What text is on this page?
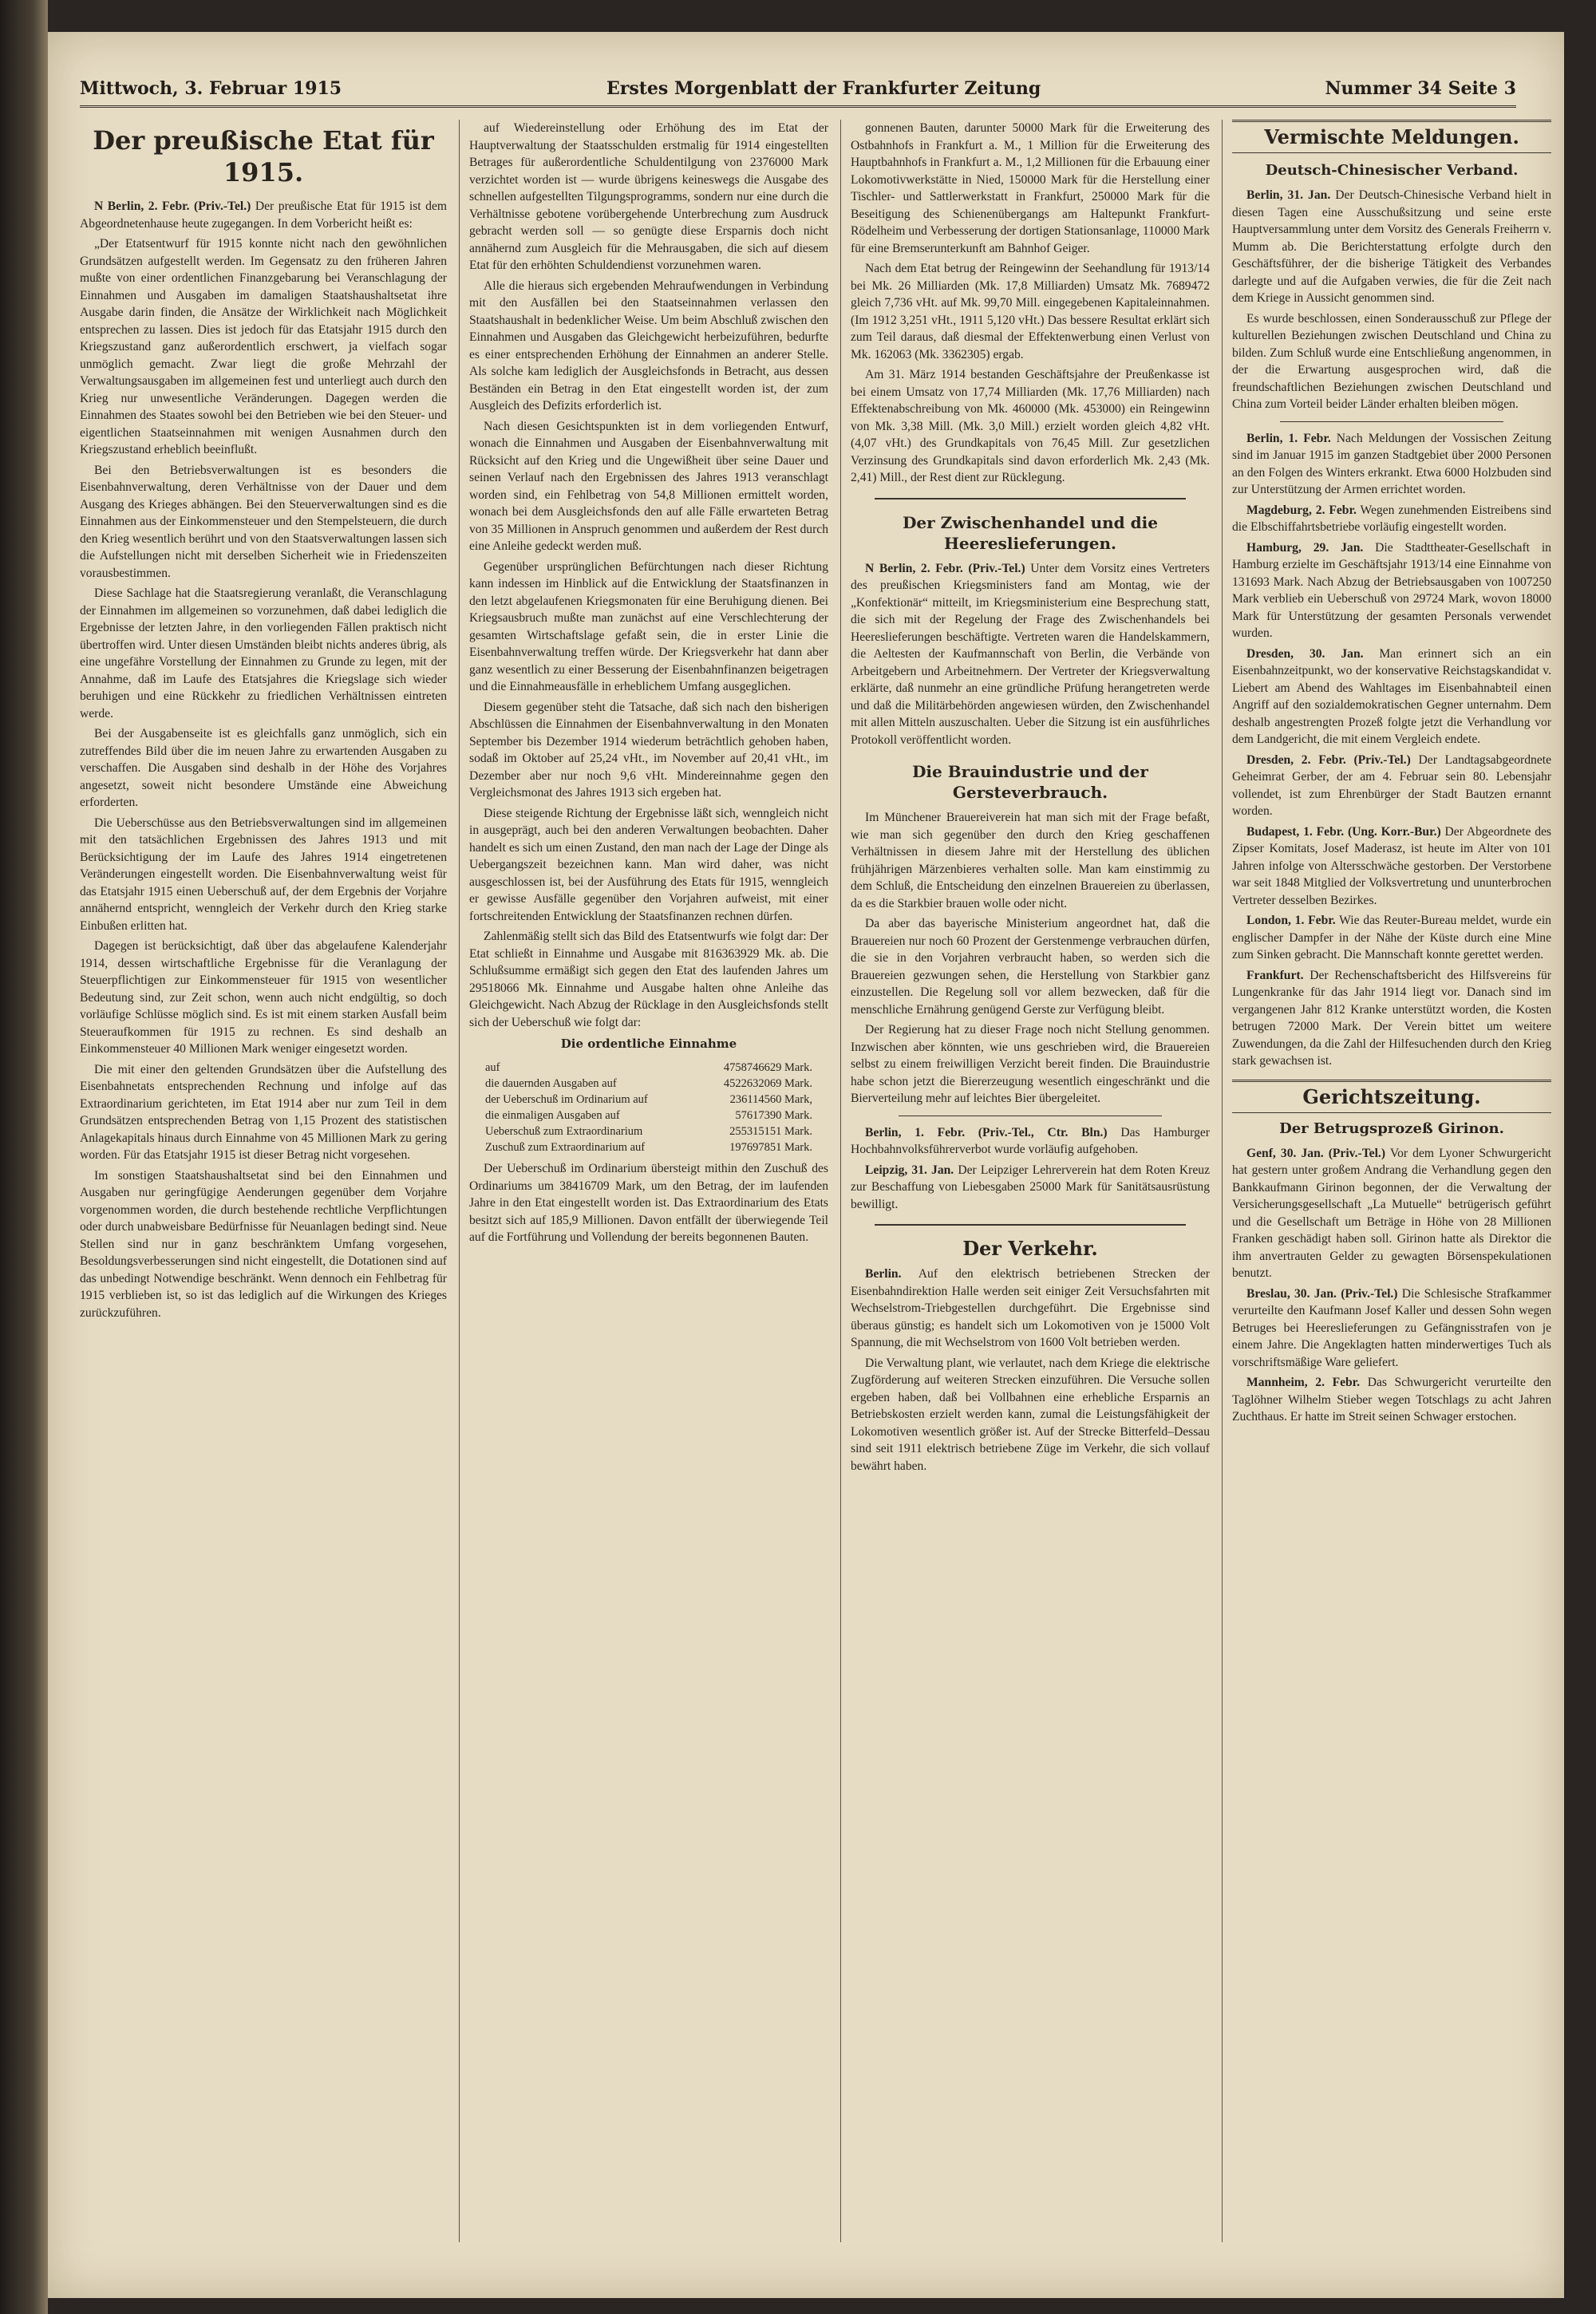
Mittwoch, 3. Februar 1915	Erstes Morgenblatt der Frankfurter Zeitung	Nummer 34 Seite 3
Der preußische Etat für 1915.

N Berlin, 2. Febr. (Priv.-Tel.) Der preußische Etat für 1915 ist dem Abgeordnetenhause heute zugegangen. In dem Vorbericht heißt es:

„Der Etatsentwurf für 1915 konnte nicht nach den gewöhnlichen Grundsätzen aufgestellt werden. Im Gegensatz zu den früheren Jahren mußte von einer ordentlichen Finanzgebarung bei Veranschlagung der Einnahmen und Ausgaben im damaligen Staatshaushaltsetat ihre Ausgabe darin finden, die Ansätze der Wirklichkeit nach Möglichkeit entsprechen zu lassen. Dies ist jedoch für das Etatsjahr 1915 durch den Kriegszustand ganz außerordentlich erschwert, ja vielfach sogar unmöglich gemacht. Zwar liegt die große Mehrzahl der Verwaltungsausgaben im allgemeinen fest und unterliegt auch durch den Krieg nur unwesentliche Veränderungen. Dagegen werden die Einnahmen des Staates sowohl bei den Betrieben wie bei den Steuer- und eigentlichen Staatseinnahmen mit wenigen Ausnahmen durch den Kriegszustand erheblich beeinflußt.

Bei den Betriebsverwaltungen ist es besonders die Eisenbahnverwaltung, deren Verhältnisse von der Dauer und dem Ausgang des Krieges abhängen. Bei den Steuerverwaltungen sind es die Einnahmen aus der Einkommensteuer und den Stempelsteuern, die durch den Krieg wesentlich berührt und von den Staatsverwaltungen lassen sich die Aufstellungen nicht mit derselben Sicherheit wie in Friedenszeiten vorausbestimmen.

Diese Sachlage hat die Staatsregierung veranlaßt, die Veranschlagung der Einnahmen im allgemeinen so vorzunehmen, daß dabei lediglich die Ergebnisse der letzten Jahre, in den vorliegenden Fällen praktisch nicht übertroffen wird. Unter diesen Umständen bleibt nichts anderes übrig, als eine ungefähre Vorstellung der Einnahmen zu Grunde zu legen, mit der Annahme, daß im Laufe des Etatsjahres die Kriegslage sich wieder beruhigen und eine Rückkehr zu friedlichen Verhältnissen eintreten werde.

Bei der Ausgabenseite ist es gleichfalls ganz unmöglich, sich ein zutreffendes Bild über die im neuen Jahre zu erwartenden Ausgaben zu verschaffen. Die Ausgaben sind deshalb in der Höhe des Vorjahres angesetzt, soweit nicht besondere Umstände eine Abweichung erforderten.

Die Ueberschüsse aus den Betriebsverwaltungen sind im allgemeinen mit den tatsächlichen Ergebnissen des Jahres 1913 und mit Berücksichtigung der im Laufe des Jahres 1914 eingetretenen Veränderungen eingestellt worden. Die Eisenbahnverwaltung weist für das Etatsjahr 1915 einen Ueberschuß auf, der dem Ergebnis der Vorjahre annähernd entspricht, wenngleich der Verkehr durch den Krieg starke Einbußen erlitten hat.

Dagegen ist berücksichtigt, daß über das abgelaufene Kalenderjahr 1914, dessen wirtschaftliche Ergebnisse für die Veranlagung der Steuerpflichtigen zur Einkommensteuer für 1915 von wesentlicher Bedeutung sind, zur Zeit schon, wenn auch nicht endgültig, so doch vorläufige Schlüsse möglich sind. Es ist mit einem starken Ausfall beim Steueraufkommen für 1915 zu rechnen. Es sind deshalb an Einkommensteuer 40 Millionen Mark weniger eingesetzt worden.

Die mit einer den geltenden Grundsätzen über die Aufstellung des Eisenbahnetats entsprechenden Rechnung und infolge auf das Extraordinarium gerichteten, im Etat 1914 aber nur zum Teil in dem Grundsätzen entsprechenden Betrag von 1,15 Prozent des statistischen Anlagekapitals hinaus durch Einnahme von 45 Millionen Mark zu gering worden. Für das Etatsjahr 1915 ist dieser Betrag nicht vorgesehen.

Im sonstigen Staatshaushaltsetat sind bei den Einnahmen und Ausgaben nur geringfügige Aenderungen gegenüber dem Vorjahre vorgenommen worden, die durch bestehende rechtliche Verpflichtungen oder durch unabweisbare Bedürfnisse für Neuanlagen bedingt sind. Neue Stellen sind nur in ganz beschränktem Umfang vorgesehen, Besoldungsverbesserungen sind nicht eingestellt, die Dotationen sind auf das unbedingt Notwendige beschränkt. Wenn dennoch ein Fehlbetrag für 1915 verblieben ist, so ist das lediglich auf die Wirkungen des Krieges zurückzuführen.

auf Wiedereinstellung oder Erhöhung des im Etat der Hauptverwaltung der Staatsschulden erstmalig für 1914 eingestellten Betrages für außerordentliche Schuldentilgung von 2376000 Mark verzichtet worden ist — wurde übrigens keineswegs die Ausgabe des schnellen aufgestellten Tilgungsprogramms, sondern nur eine durch die Verhältnisse gebotene vorübergehende Unterbrechung zum Ausdruck gebracht werden soll — so genügte diese Ersparnis doch nicht annähernd zum Ausgleich für die Mehrausgaben, die sich auf diesem Etat für den erhöhten Schuldendienst vorzunehmen waren.

Alle die hieraus sich ergebenden Mehraufwendungen in Verbindung mit den Ausfällen bei den Staatseinnahmen verlassen den Staatshaushalt in bedenklicher Weise. Um beim Abschluß zwischen den Einnahmen und Ausgaben das Gleichgewicht herbeizuführen, bedurfte es einer entsprechenden Erhöhung der Einnahmen an anderer Stelle. Als solche kam lediglich der Ausgleichsfonds in Betracht, aus dessen Beständen ein Betrag in den Etat eingestellt worden ist, der zum Ausgleich des Defizits erforderlich ist.

Nach diesen Gesichtspunkten ist in dem vorliegenden Entwurf, wonach die Einnahmen und Ausgaben der Eisenbahnverwaltung mit Rücksicht auf den Krieg und die Ungewißheit über seine Dauer und seinen Verlauf nach den Ergebnissen des Jahres 1913 veranschlagt worden sind, ein Fehlbetrag von 54,8 Millionen ermittelt worden, wonach bei dem Ausgleichsfonds den auf alle Fälle erwarteten Betrag von 35 Millionen in Anspruch genommen und außerdem der Rest durch eine Anleihe gedeckt werden muß.

Gegenüber ursprünglichen Befürchtungen nach dieser Richtung kann indessen im Hinblick auf die Entwicklung der Staatsfinanzen in den letzt abgelaufenen Kriegsmonaten für eine Beruhigung dienen. Bei Kriegsausbruch mußte man zunächst auf eine Verschlechterung der gesamten Wirtschaftslage gefaßt sein, die in erster Linie die Eisenbahnverwaltung treffen würde. Der Kriegsverkehr hat dann aber ganz wesentlich zu einer Besserung der Eisenbahnfinanzen beigetragen und die Einnahmeausfälle in erheblichem Umfang ausgeglichen.

Diesem gegenüber steht die Tatsache, daß sich nach den bisherigen Abschlüssen die Einnahmen der Eisenbahnverwaltung in den Monaten September bis Dezember 1914 wiederum beträchtlich gehoben haben, sodaß im Oktober auf 25,24 vHt., im November auf 20,41 vHt., im Dezember aber nur noch 9,6 vHt. Mindereinnahme gegen den Vergleichsmonat des Jahres 1913 sich ergeben hat.

Diese steigende Richtung der Ergebnisse läßt sich, wenngleich nicht in ausgeprägt, auch bei den anderen Verwaltungen beobachten. Daher handelt es sich um einen Zustand, den man nach der Lage der Dinge als Uebergangszeit bezeichnen kann. Man wird daher, was nicht ausgeschlossen ist, bei der Ausführung des Etats für 1915, wenngleich er gewisse Ausfälle gegenüber den Vorjahren aufweist, mit einer fortschreitenden Entwicklung der Staatsfinanzen rechnen dürfen.

Zahlenmäßig stellt sich das Bild des Etatsentwurfs wie folgt dar: Der Etat schließt in Einnahme und Ausgabe mit 816363929 Mk. ab. Die Schlußsumme ermäßigt sich gegen den Etat des laufenden Jahres um 29518066 Mk. Einnahme und Ausgabe halten ohne Anleihe das Gleichgewicht. Nach Abzug der Rücklage in den Ausgleichsfonds stellt sich der Ueberschuß wie folgt dar:

Die ordentliche Einnahme
auf	4758746629 Mark.
die dauernden Ausgaben auf	4522632069 Mark.
der Ueberschuß im Ordinarium auf	236114560 Mark,
die einmaligen Ausgaben auf	57617390 Mark.
Ueberschuß zum Extraordinarium	255315151 Mark.
Zuschuß zum Extraordinarium auf	197697851 Mark.

Der Ueberschuß im Ordinarium übersteigt mithin den Zuschuß des Ordinariums um 38416709 Mark, um den Betrag, der im laufenden Jahre in den Etat eingestellt worden ist. Das Extraordinarium des Etats besitzt sich auf 185,9 Millionen. Davon entfällt der überwiegende Teil auf die Fortführung und Vollendung der bereits begonnenen Bauten.

gonnenen Bauten, darunter 50000 Mark für die Erweiterung des Ostbahnhofs in Frankfurt a. M., 1 Million für die Erweiterung des Hauptbahnhofs in Frankfurt a. M., 1,2 Millionen für die Erbauung einer Lokomotivwerkstätte in Nied, 150000 Mark für die Herstellung einer Tischler- und Sattlerwerkstatt in Frankfurt, 250000 Mark für die Beseitigung des Schienenübergangs am Haltepunkt Frankfurt-Rödelheim und Verbesserung der dortigen Stationsanlage, 110000 Mark für eine Bremserunterkunft am Bahnhof Geiger.

Nach dem Etat betrug der Reingewinn der Seehandlung für 1913/14 bei Mk. 26 Milliarden (Mk. 17,8 Milliarden) Umsatz Mk. 7689472 gleich 7,736 vHt. auf Mk. 99,70 Mill. eingegebenen Kapitaleinnahmen. (Im 1912 3,251 vHt., 1911 5,120 vHt.) Das bessere Resultat erklärt sich zum Teil daraus, daß diesmal der Effektenwerbung einen Verlust von Mk. 162063 (Mk. 3362305) ergab.

Am 31. März 1914 bestanden Geschäftsjahre der Preußenkasse ist bei einem Umsatz von 17,74 Milliarden (Mk. 17,76 Milliarden) nach Effektenabschreibung von Mk. 460000 (Mk. 453000) ein Reingewinn von Mk. 3,38 Mill. (Mk. 3,0 Mill.) erzielt worden gleich 4,82 vHt. (4,07 vHt.) des Grundkapitals von 76,45 Mill. Zur gesetzlichen Verzinsung des Grundkapitals sind davon erforderlich Mk. 2,43 (Mk. 2,41) Mill., der Rest dient zur Rücklegung.

Der Zwischenhandel und die Heereslieferungen.

N Berlin, 2. Febr. (Priv.-Tel.) Unter dem Vorsitz eines Vertreters des preußischen Kriegsministers fand am Montag, wie der „Konfektionär“ mitteilt, im Kriegsministerium eine Besprechung statt, die sich mit der Regelung der Frage des Zwischenhandels bei Heereslieferungen beschäftigte. Vertreten waren die Handelskammern, die Aeltesten der Kaufmannschaft von Berlin, die Verbände von Arbeitgebern und Arbeitnehmern. Der Vertreter der Kriegsverwaltung erklärte, daß nunmehr an eine gründliche Prüfung herangetreten werde und daß die Militärbehörden angewiesen würden, den Zwischenhandel mit allen Mitteln auszuschalten. Ueber die Sitzung ist ein ausführliches Protokoll veröffentlicht worden.

Die Brauindustrie und der Gersteverbrauch.

Im Münchener Brauereiverein hat man sich mit der Frage befaßt, wie man sich gegenüber den durch den Krieg geschaffenen Verhältnissen in diesem Jahre mit der Herstellung des üblichen frühjährigen Märzenbieres verhalten solle. Man kam einstimmig zu dem Schluß, die Entscheidung den einzelnen Brauereien zu überlassen, da es die Starkbier brauen wolle oder nicht.

Da aber das bayerische Ministerium angeordnet hat, daß die Brauereien nur noch 60 Prozent der Gerstenmenge verbrauchen dürfen, die sie in den Vorjahren verbraucht haben, so werden sich die Brauereien gezwungen sehen, die Herstellung von Starkbier ganz einzustellen. Die Regelung soll vor allem bezwecken, daß für die menschliche Ernährung genügend Gerste zur Verfügung bleibt.

Der Regierung hat zu dieser Frage noch nicht Stellung genommen. Inzwischen aber könnten, wie uns geschrieben wird, die Brauereien selbst zu einem freiwilligen Verzicht bereit finden. Die Brauindustrie habe schon jetzt die Biererzeugung wesentlich eingeschränkt und die Bierverteilung mehr auf leichtes Bier übergeleitet.

Berlin, 1. Febr. (Priv.-Tel., Ctr. Bln.) Das Hamburger Hochbahnvolksführerverbot wurde vorläufig aufgehoben.

Leipzig, 31. Jan. Der Leipziger Lehrerverein hat dem Roten Kreuz zur Beschaffung von Liebesgaben 25000 Mark für Sanitätsausrüstung bewilligt.

Der Verkehr.

Berlin. Auf den elektrisch betriebenen Strecken der Eisenbahndirektion Halle werden seit einiger Zeit Versuchsfahrten mit Wechselstrom-Triebgestellen durchgeführt. Die Ergebnisse sind überaus günstig; es handelt sich um Lokomotiven von je 15000 Volt Spannung, die mit Wechselstrom von 1600 Volt betrieben werden.

Die Verwaltung plant, wie verlautet, nach dem Kriege die elektrische Zugförderung auf weiteren Strecken einzuführen. Die Versuche sollen ergeben haben, daß bei Vollbahnen eine erhebliche Ersparnis an Betriebskosten erzielt werden kann, zumal die Leistungsfähigkeit der Lokomotiven wesentlich größer ist. Auf der Strecke Bitterfeld–Dessau sind seit 1911 elektrisch betriebene Züge im Verkehr, die sich vollauf bewährt haben.

Vermischte Meldungen.
Deutsch-Chinesischer Verband.

Berlin, 31. Jan. Der Deutsch-Chinesische Verband hielt in diesen Tagen eine Ausschußsitzung und seine erste Hauptversammlung unter dem Vorsitz des Generals Freiherrn v. Mumm ab. Die Berichterstattung erfolgte durch den Geschäftsführer, der die bisherige Tätigkeit des Verbandes darlegte und auf die Aufgaben verwies, die für die Zeit nach dem Kriege in Aussicht genommen sind.

Es wurde beschlossen, einen Sonderausschuß zur Pflege der kulturellen Beziehungen zwischen Deutschland und China zu bilden. Zum Schluß wurde eine Entschließung angenommen, in der die Erwartung ausgesprochen wird, daß die freundschaftlichen Beziehungen zwischen Deutschland und China zum Vorteil beider Länder erhalten bleiben mögen.

Berlin, 1. Febr. Nach Meldungen der Vossischen Zeitung sind im Januar 1915 im ganzen Stadtgebiet über 2000 Personen an den Folgen des Winters erkrankt. Etwa 6000 Holzbuden sind zur Unterstützung der Armen errichtet worden.

Magdeburg, 2. Febr. Wegen zunehmenden Eistreibens sind die Elbschiffahrtsbetriebe vorläufig eingestellt worden.

Hamburg, 29. Jan. Die Stadttheater-Gesellschaft in Hamburg erzielte im Geschäftsjahr 1913/14 eine Einnahme von 131693 Mark. Nach Abzug der Betriebsausgaben von 1007250 Mark verblieb ein Ueberschuß von 29724 Mark, wovon 18000 Mark für Unterstützung der gesamten Personals verwendet wurden.

Dresden, 30. Jan. Man erinnert sich an ein Eisenbahnzeitpunkt, wo der konservative Reichstagskandidat v. Liebert am Abend des Wahltages im Eisenbahnabteil einen Angriff auf den sozialdemokratischen Gegner unternahm. Dem deshalb angestrengten Prozeß folgte jetzt die Verhandlung vor dem Landgericht, die mit einem Vergleich endete.

Dresden, 2. Febr. (Priv.-Tel.) Der Landtagsabgeordnete Geheimrat Gerber, der am 4. Februar sein 80. Lebensjahr vollendet, ist zum Ehrenbürger der Stadt Bautzen ernannt worden.

Budapest, 1. Febr. (Ung. Korr.-Bur.) Der Abgeordnete des Zipser Komitats, Josef Maderasz, ist heute im Alter von 101 Jahren infolge von Altersschwäche gestorben. Der Verstorbene war seit 1848 Mitglied der Volksvertretung und ununterbrochen Vertreter desselben Bezirkes.

London, 1. Febr. Wie das Reuter-Bureau meldet, wurde ein englischer Dampfer in der Nähe der Küste durch eine Mine zum Sinken gebracht. Die Mannschaft konnte gerettet werden.

Frankfurt. Der Rechenschaftsbericht des Hilfsvereins für Lungenkranke für das Jahr 1914 liegt vor. Danach sind im vergangenen Jahr 812 Kranke unterstützt worden, die Kosten betrugen 72000 Mark. Der Verein bittet um weitere Zuwendungen, da die Zahl der Hilfesuchenden durch den Krieg stark gewachsen ist.

Gerichtszeitung.
Der Betrugsprozeß Girinon.

Genf, 30. Jan. (Priv.-Tel.) Vor dem Lyoner Schwurgericht hat gestern unter großem Andrang die Verhandlung gegen den Bankkaufmann Girinon begonnen, der die Verwaltung der Versicherungsgesellschaft „La Mutuelle“ betrügerisch geführt und die Gesellschaft um Beträge in Höhe von 28 Millionen Franken geschädigt haben soll. Girinon hatte als Direktor die ihm anvertrauten Gelder zu gewagten Börsenspekulationen benutzt.

Breslau, 30. Jan. (Priv.-Tel.) Die Schlesische Strafkammer verurteilte den Kaufmann Josef Kaller und dessen Sohn wegen Betruges bei Heereslieferungen zu Gefängnisstrafen von je einem Jahre. Die Angeklagten hatten minderwertiges Tuch als vorschriftsmäßige Ware geliefert.

Mannheim, 2. Febr. Das Schwurgericht verurteilte den Taglöhner Wilhelm Stieber wegen Totschlags zu acht Jahren Zuchthaus. Er hatte im Streit seinen Schwager erstochen.
